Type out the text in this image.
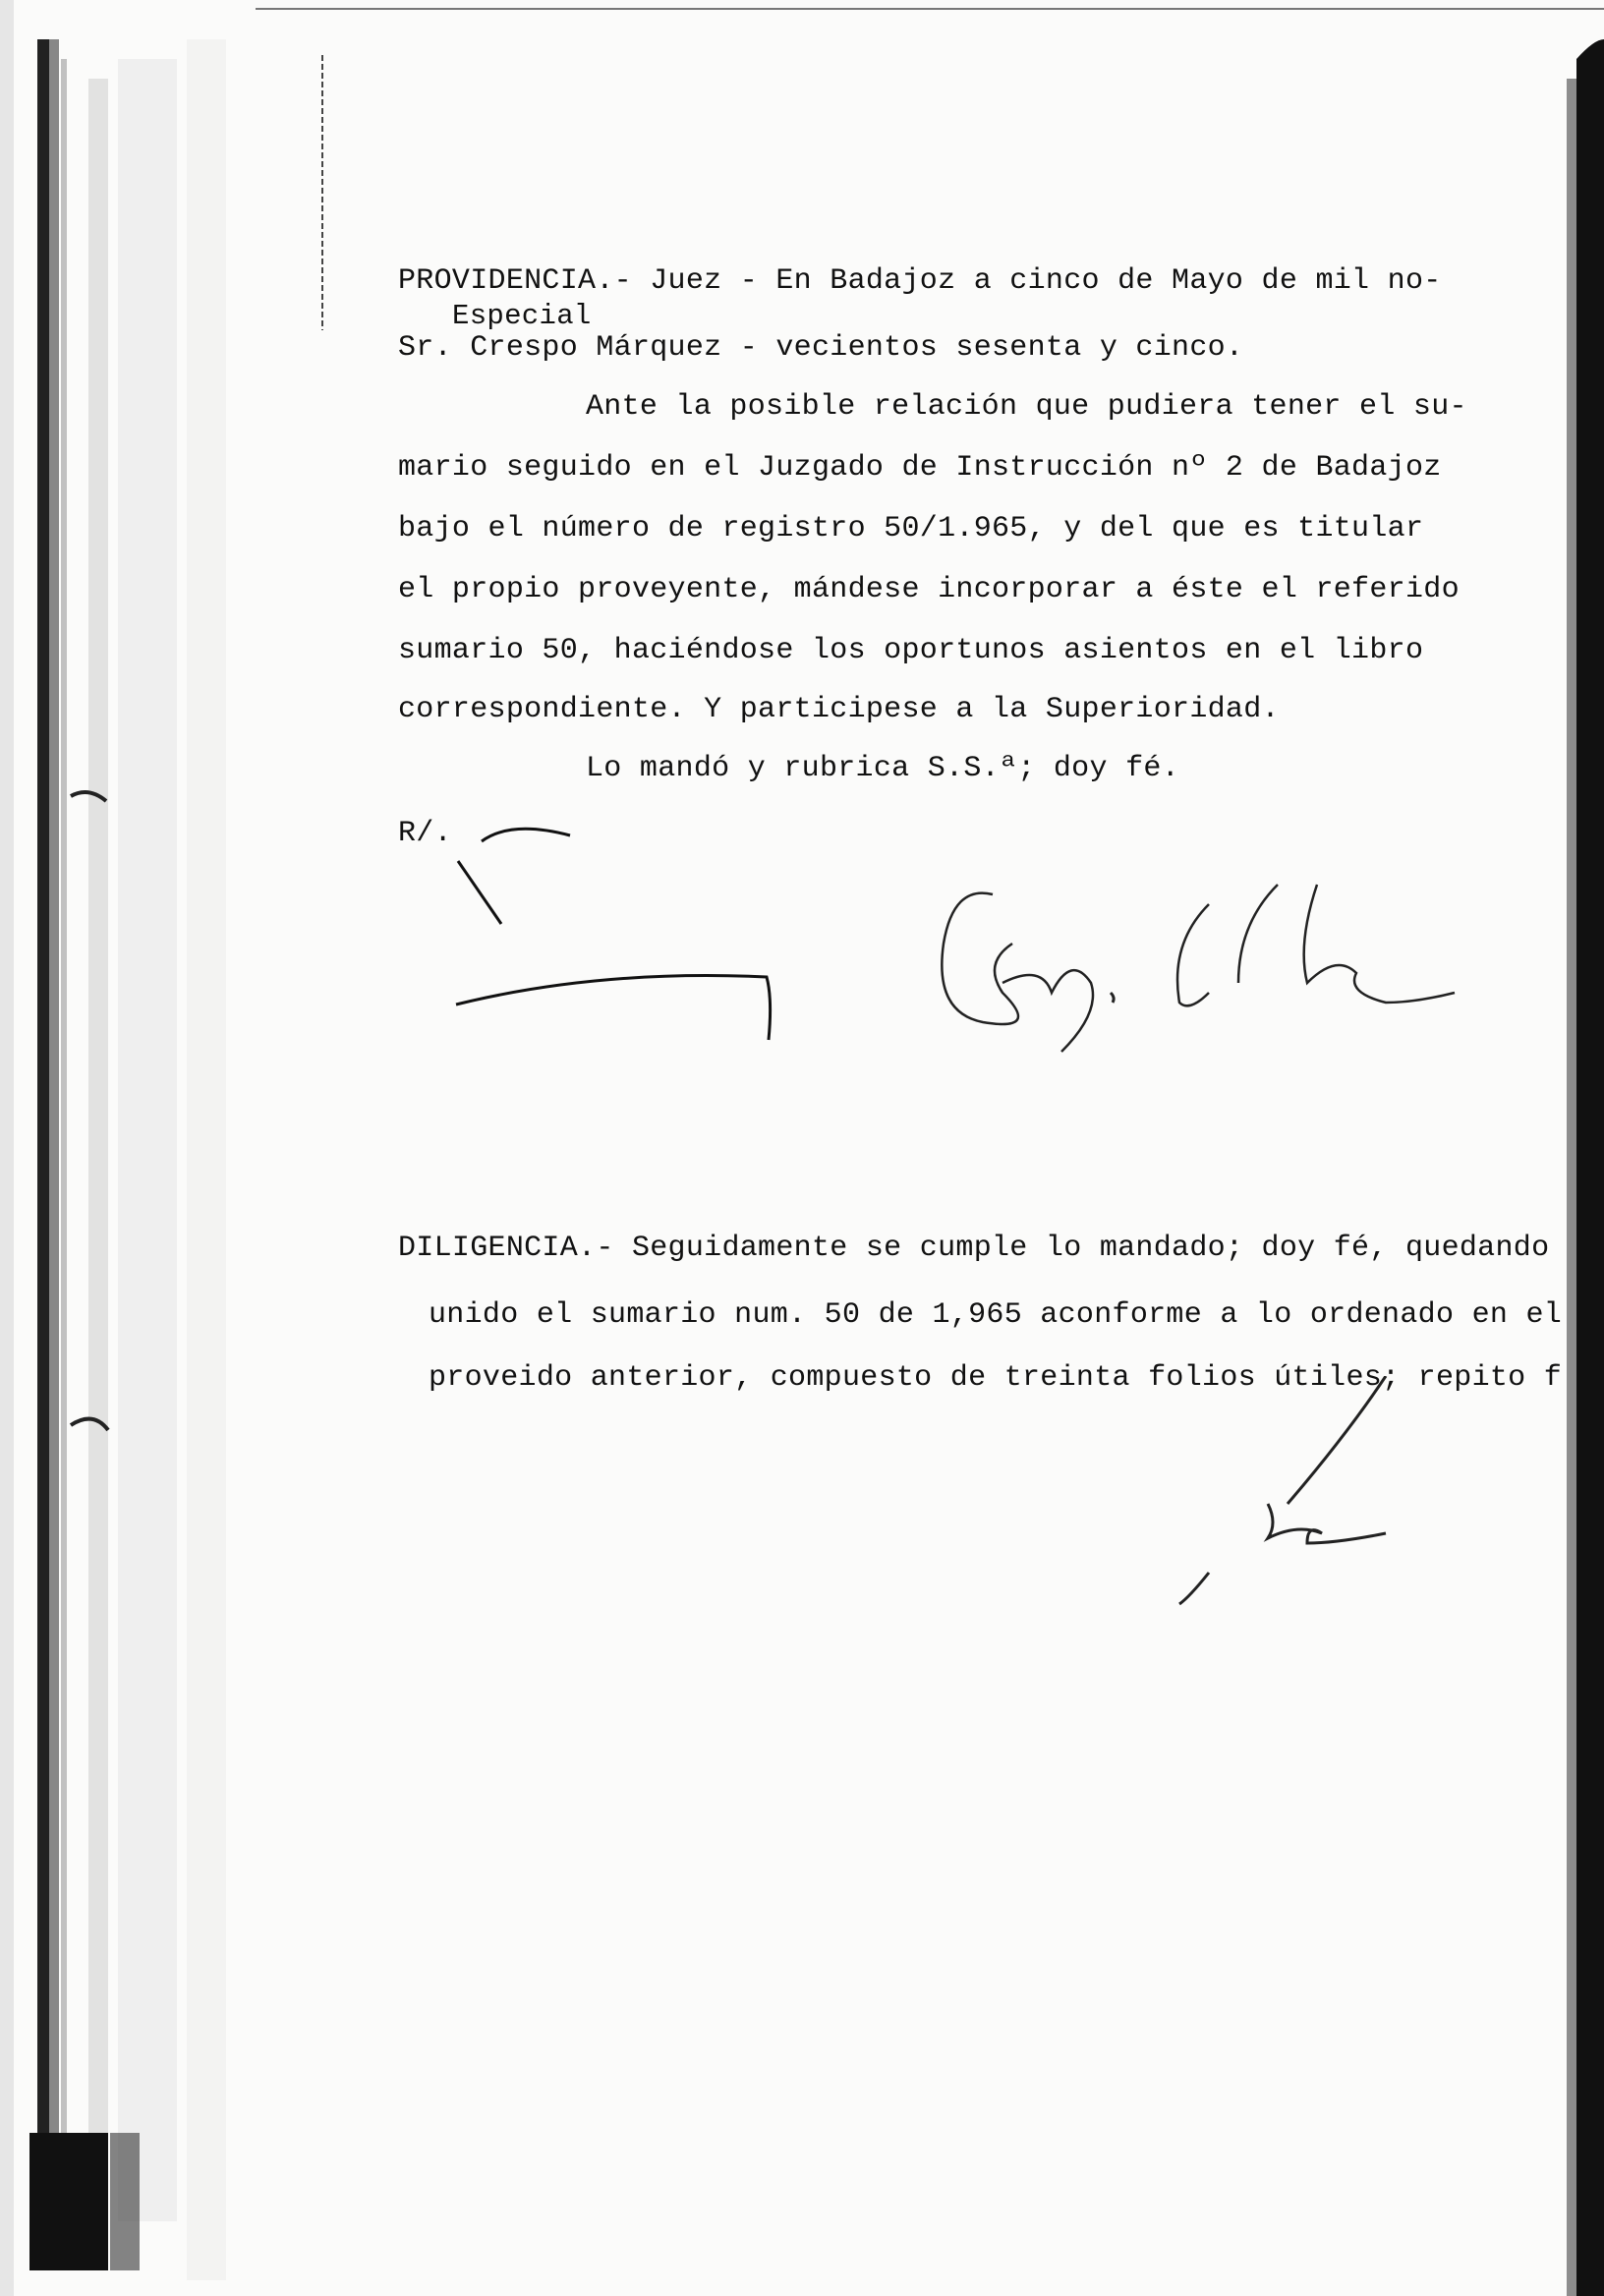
PROVIDENCIA.- Juez - En Badajoz a cinco de Mayo de mil no-
Especial
Sr. Crespo Márquez - vecientos sesenta y cinco.
Ante la posible relación que pudiera tener el su-
mario seguido en el Juzgado de Instrucción nº 2 de Badajoz
bajo el número de registro 50/1.965, y del que es titular
el propio proveyente, mándese incorporar a éste el referido
sumario 50, haciéndose los oportunos asientos en el libro
correspondiente. Y participese a la Superioridad.
Lo mandó y rubrica S.S.ª; doy fé.
R/.
DILIGENCIA.- Seguidamente se cumple lo mandado; doy fé, quedando
unido el sumario num. 50 de 1,965 aconforme a lo ordenado en el
proveido anterior, compuesto de treinta folios útiles; repito f
